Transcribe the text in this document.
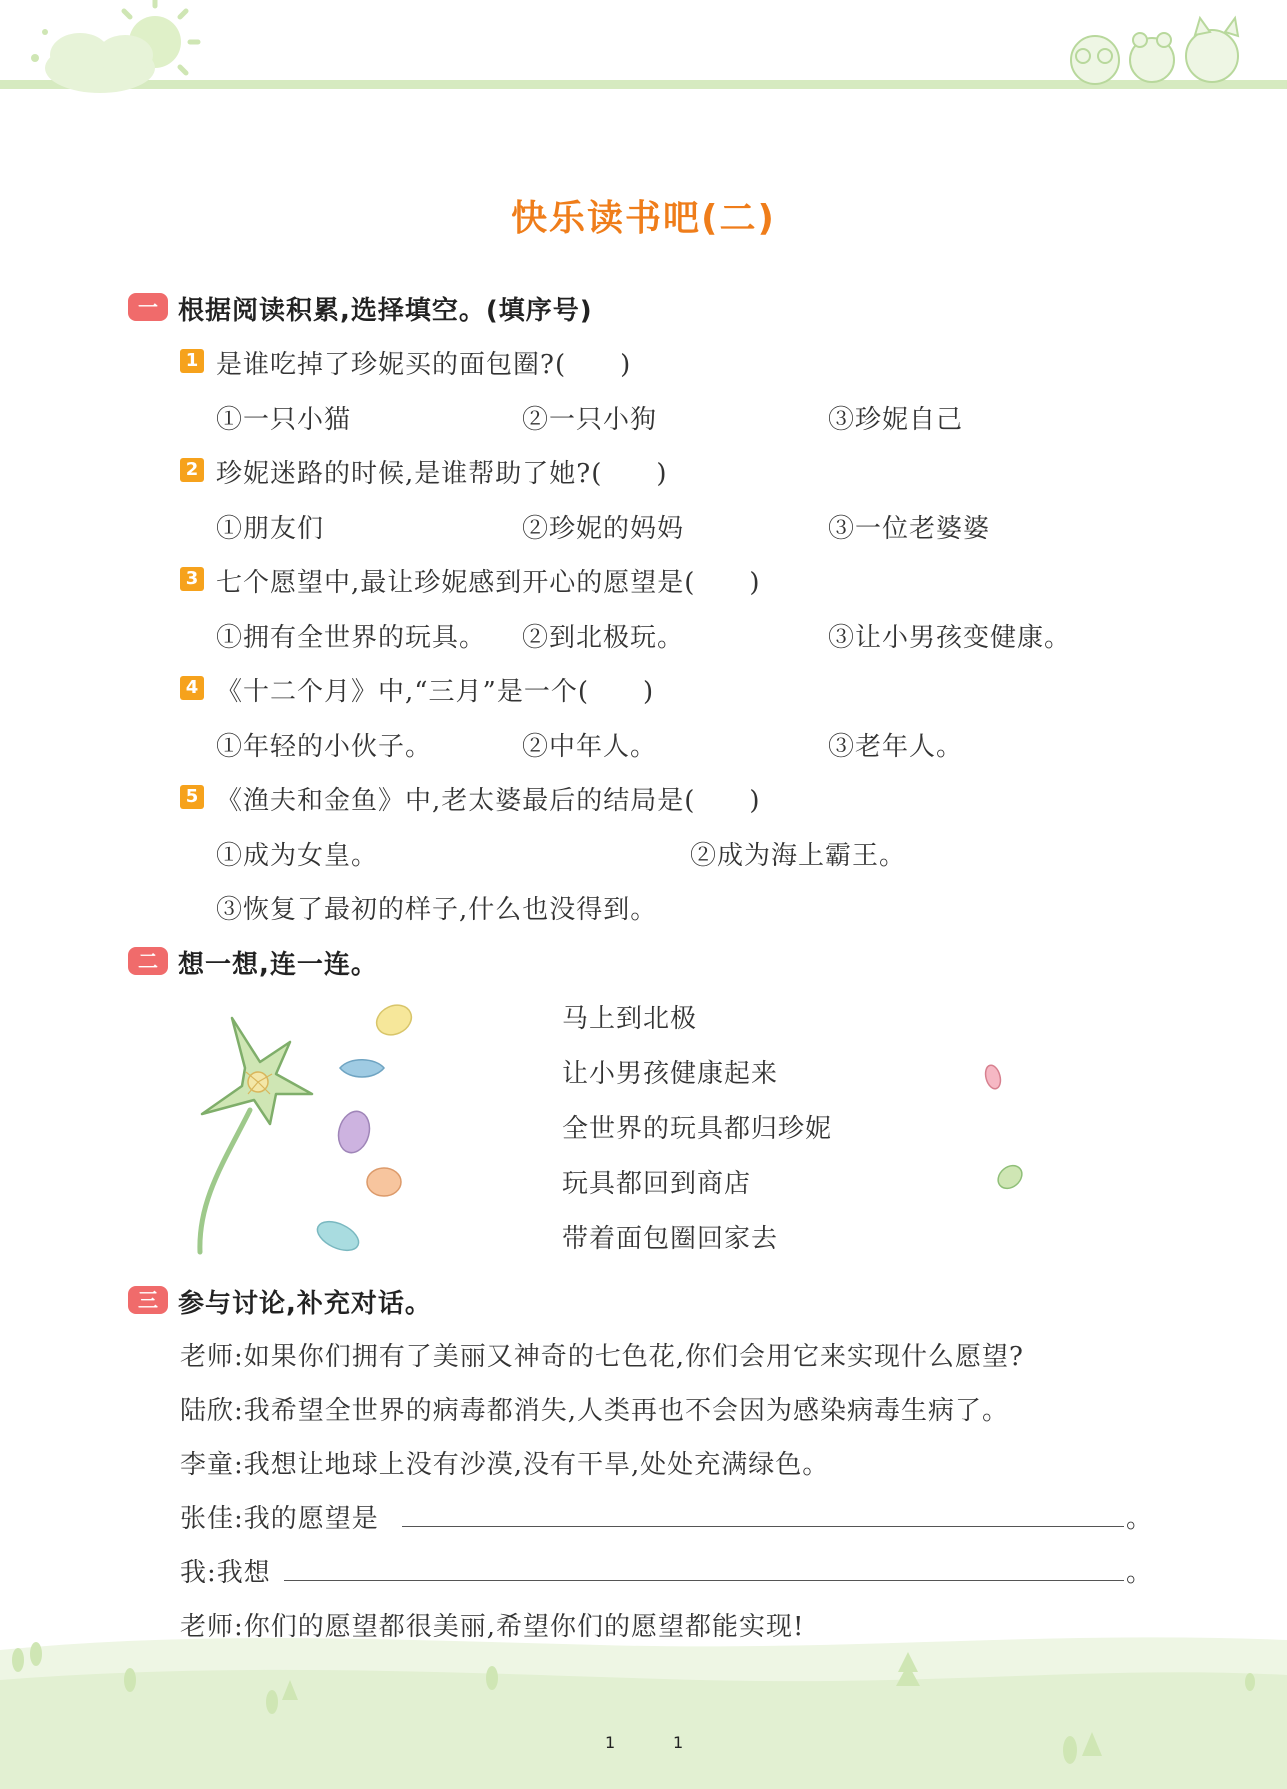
快乐读书吧(二)
一 根据阅读积累,选择填空。(填序号)
1 是谁吃掉了珍妮买的面包圈?(　　)
①一只小猫	②一只小狗	③珍妮自己
2 珍妮迷路的时候,是谁帮助了她?(　　)
①朋友们	②珍妮的妈妈	③一位老婆婆
3 七个愿望中,最让珍妮感到开心的愿望是(　　)
①拥有全世界的玩具。 ②到北极玩。	③让小男孩变健康。
4 《十二个月》中,“三月”是一个(　　)
①年轻的小伙子。	②中年人。	③老年人。
5 《渔夫和金鱼》中,老太婆最后的结局是(　　)
①成为女皇。	②成为海上霸王。
③恢复了最初的样子,什么也没得到。
二 想一想,连一连。
马上到北极
让小男孩健康起来
全世界的玩具都归珍妮
玩具都回到商店
带着面包圈回家去
三 参与讨论,补充对话。
老师:如果你们拥有了美丽又神奇的七色花,你们会用它来实现什么愿望?
陆欣:我希望全世界的病毒都消失,人类再也不会因为感染病毒生病了。
李童:我想让地球上没有沙漠,没有干旱,处处充满绿色。
张佳:我的愿望是	。
我:我想	。
老师:你们的愿望都很美丽,希望你们的愿望都能实现!
1	1
